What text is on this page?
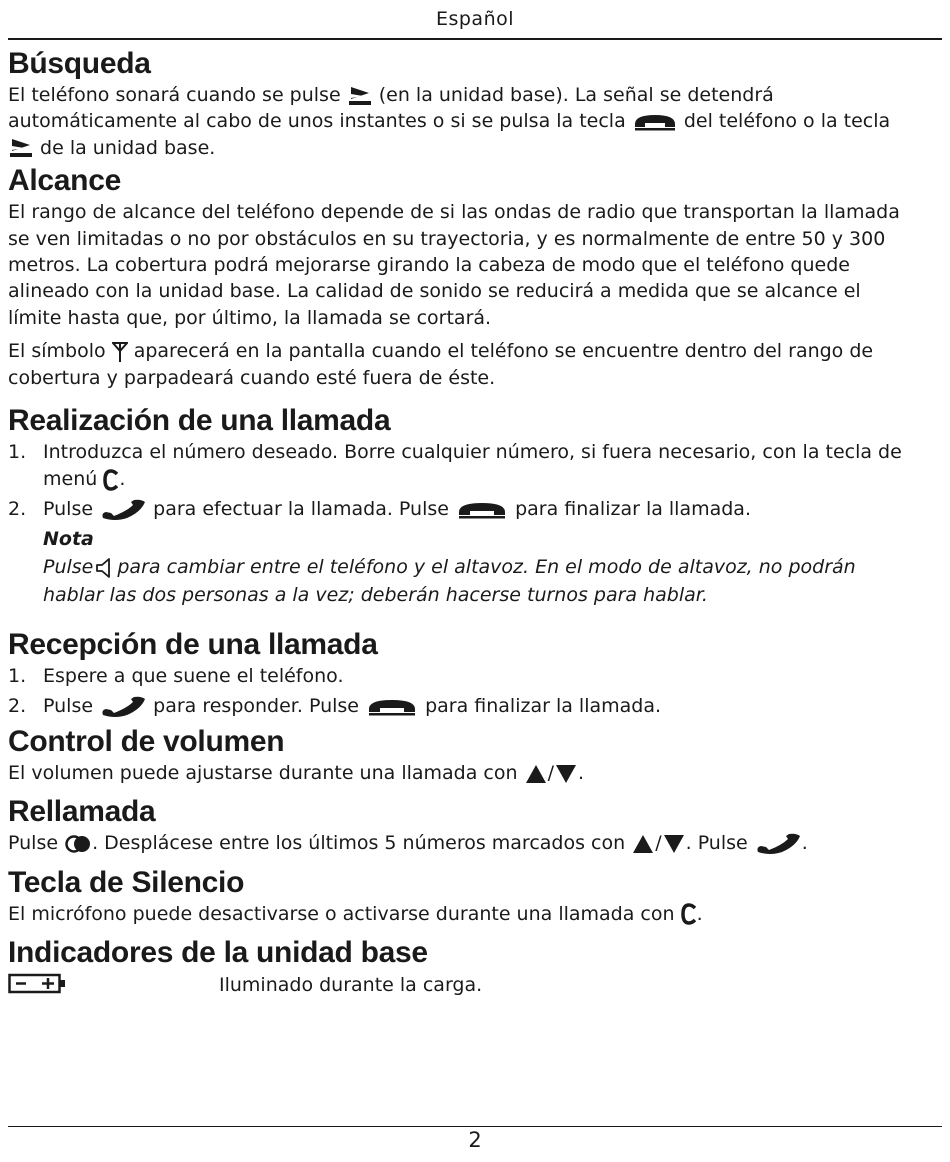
Español
Búsqueda

El teléfono sonará cuando se pulse (en la unidad base). La señal se detendrá
automáticamente al cabo de unos instantes o si se pulsa la tecla	del teléfono o la tecla

de la unidad base.

Alcance

El rango de alcance del teléfono depende de si las ondas de radio que transportan la llamada
se ven limitadas o no por obstáculos en su trayectoria, y es normalmente de entre 50 y 300
metros. La cobertura podrá mejorarse girando la cabeza de modo que el teléfono quede
alineado con la unidad base. La calidad de sonido se reducirá a medida que se alcance el
límite hasta que, por último, la llamada se cortará.

El símbolo aparecerá en la pantalla cuando el teléfono se encuentre dentro del rango de
cobertura y parpadeará cuando esté fuera de éste.

Realización de una llamada
1. Introduzca el número deseado. Borre cualquier número, si fuera necesario, con la tecla de
menú .
2. Pulse	para efectuar la llamada. Pulse	para finalizar la llamada.
Nota
Pulse para cambiar entre el teléfono y el altavoz. En el modo de altavoz, no podrán
hablar las dos personas a la vez; deberán hacerse turnos para hablar.
Recepción de una llamada
1. Espere a que suene el teléfono.
2. Pulse	para responder. Pulse	para finalizar la llamada.
Control de volumen

El volumen puede ajustarse durante una llamada con / .

Rellamada

Pulse . Desplácese entre los últimos 5 números marcados con / . Pulse	.

Tecla de Silencio

El micrófono puede desactivarse o activarse durante una llamada con .

Indicadores de la unidad base
Iluminado durante la carga.
2
